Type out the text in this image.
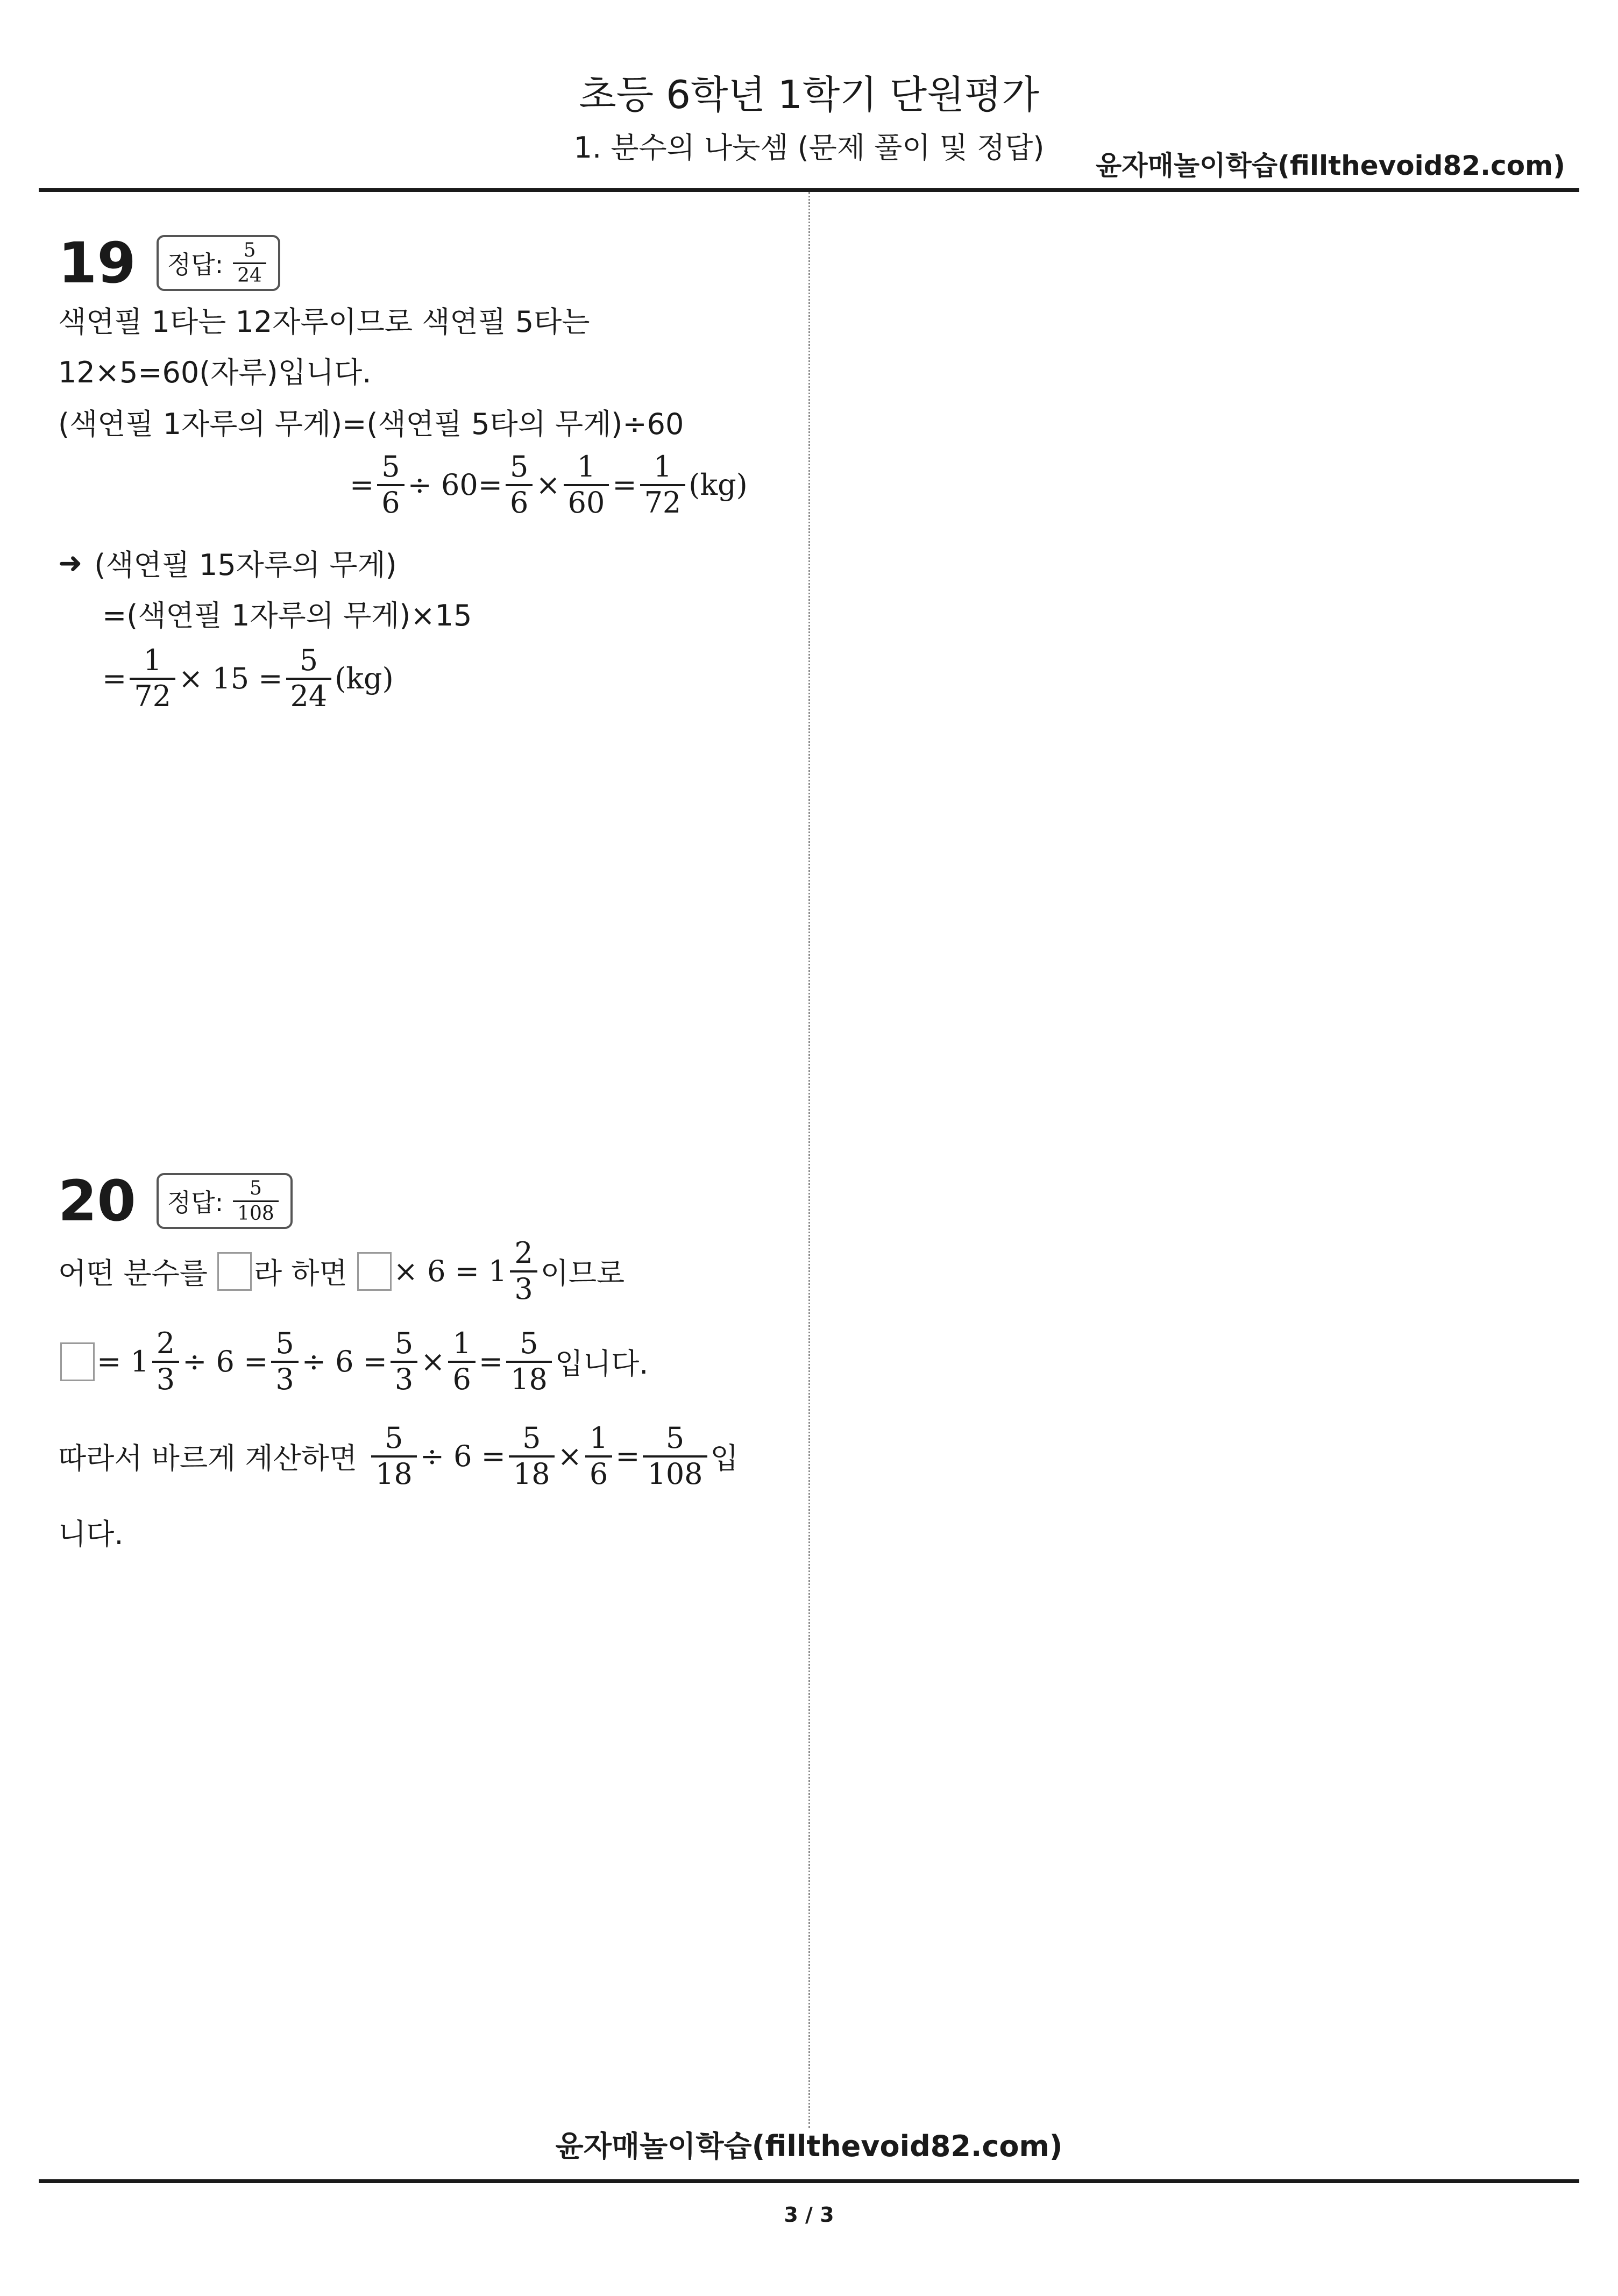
초등 6학년 1학기 단원평가
1. 분수의 나눗셈 (문제 풀이 및 정답)
윤자매놀이학습(fillthevoid82.com)
19 정답: $\frac{5}{24}$
색연필 1타는 12자루이므로 색연필 5타는
12×5=60(자루)입니다.
(색연필 1자루의 무게)=(색연필 5타의 무게)÷60
= $\frac{5}{6} \div 60= \frac{5}{6} \times \frac{1}{60} = \frac{1}{72} (kg)$
➜ (색연필 15자루의 무게)
=(색연필 1자루의 무게)×15
= $\frac{1}{72} \times 15 = \frac{5}{24} (kg)$
20 정답: $\frac{5}{108}$
어떤 분수를 라 하면 × $6 = 1 \frac{2}{3}$ 이므로
= $1 \frac{2}{3} \div 6 = \frac{5}{3} \div 6 = \frac{5}{3} \times \frac{1}{6} = \frac{5}{18}$ 입니다.
따라서 바르게 계산하면 $\frac{5}{18} \div 6 = \frac{5}{18} \times \frac{1}{6} = \frac{5}{108}$ 입
니다.
윤자매놀이학습(fillthevoid82.com)
3 / 3
